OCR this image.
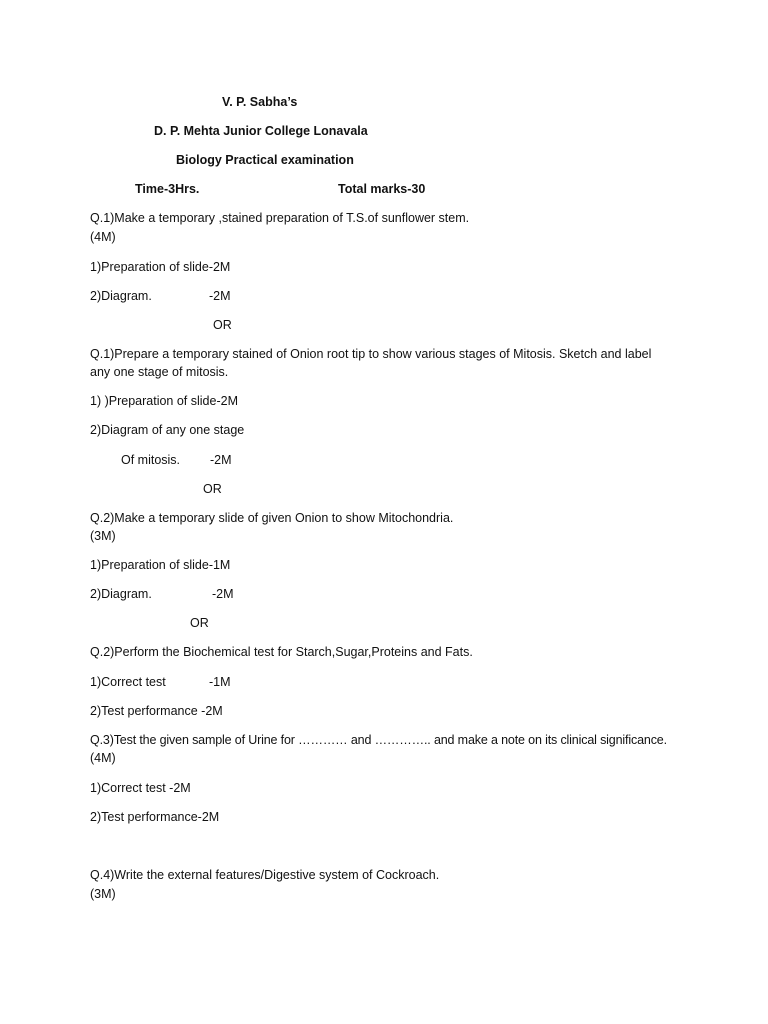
V. P. Sabha’s
D. P. Mehta Junior College Lonavala
Biology Practical examination
Time-3Hrs.	Total marks-30
Q.1)Make a temporary ,stained preparation of T.S.of sunflower stem.
(4M)
1)Preparation of slide-2M
2)Diagram.	-2M
OR
Q.1)Prepare a temporary stained of Onion root tip to show various stages of Mitosis. Sketch and label
any one stage of mitosis.
1) )Preparation of slide-2M
2)Diagram of any one stage
Of mitosis. -2M
OR
Q.2)Make a temporary slide of given Onion to show Mitochondria.
(3M)
1)Preparation of slide-1M
2)Diagram.	-2M
OR
Q.2)Perform the Biochemical test for Starch,Sugar,Proteins and Fats.
1)Correct test	-1M
2)Test performance -2M
Q.3)Test the given sample of Urine for ………… and ………….. and make a note on its clinical significance.
(4M)
1)Correct test -2M
2)Test performance-2M
Q.4)Write the external features/Digestive system of Cockroach.
(3M)
